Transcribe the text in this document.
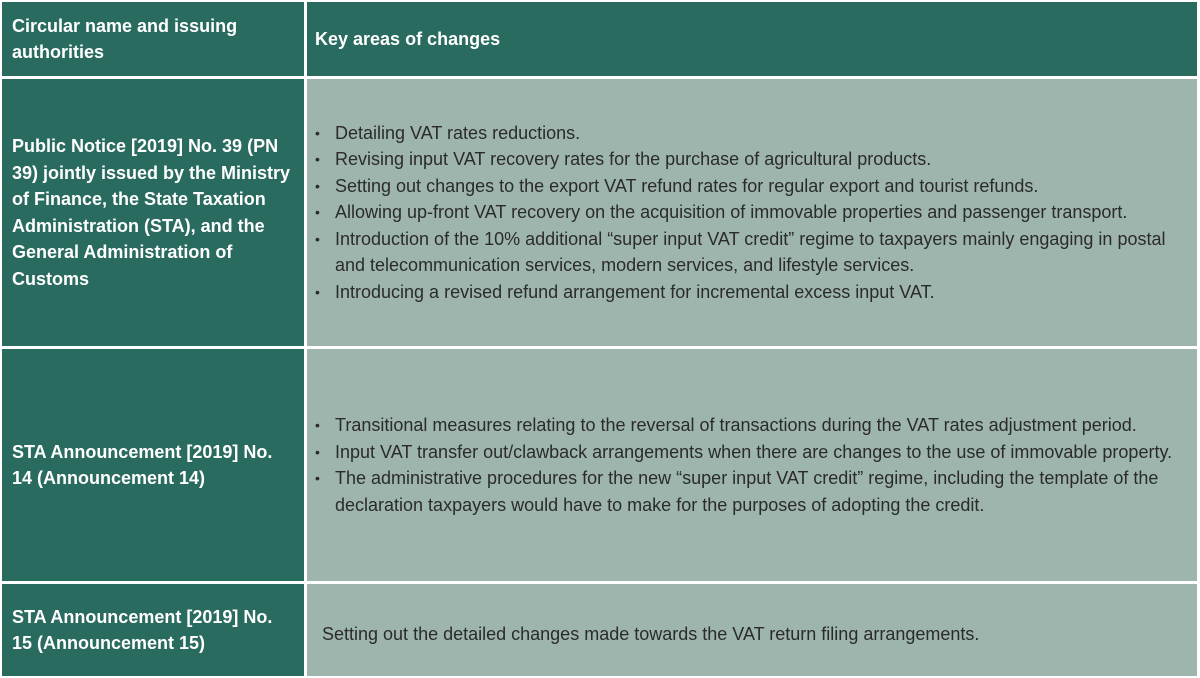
Circular name and issuing authorities
Key areas of changes
Public Notice [2019] No. 39 (PN 39) jointly issued by the Ministry of Finance, the State Taxation Administration (STA), and the General Administration of Customs
• Detailing VAT rates reductions.
• Revising input VAT recovery rates for the purchase of agricultural products.
• Setting out changes to the export VAT refund rates for regular export and tourist refunds.
• Allowing up-front VAT recovery on the acquisition of immovable properties and passenger transport.
• Introduction of the 10% additional “super input VAT credit” regime to taxpayers mainly engaging in postal and telecommunication services, modern services, and lifestyle services.
• Introducing a revised refund arrangement for incremental excess input VAT.
STA Announcement [2019] No. 14 (Announcement 14)
• Transitional measures relating to the reversal of transactions during the VAT rates adjustment period.
• Input VAT transfer out/clawback arrangements when there are changes to the use of immovable property.
• The administrative procedures for the new “super input VAT credit” regime, including the template of the declaration taxpayers would have to make for the purposes of adopting the credit.
STA Announcement [2019] No. 15 (Announcement 15)	Setting out the detailed changes made towards the VAT return filing arrangements.
